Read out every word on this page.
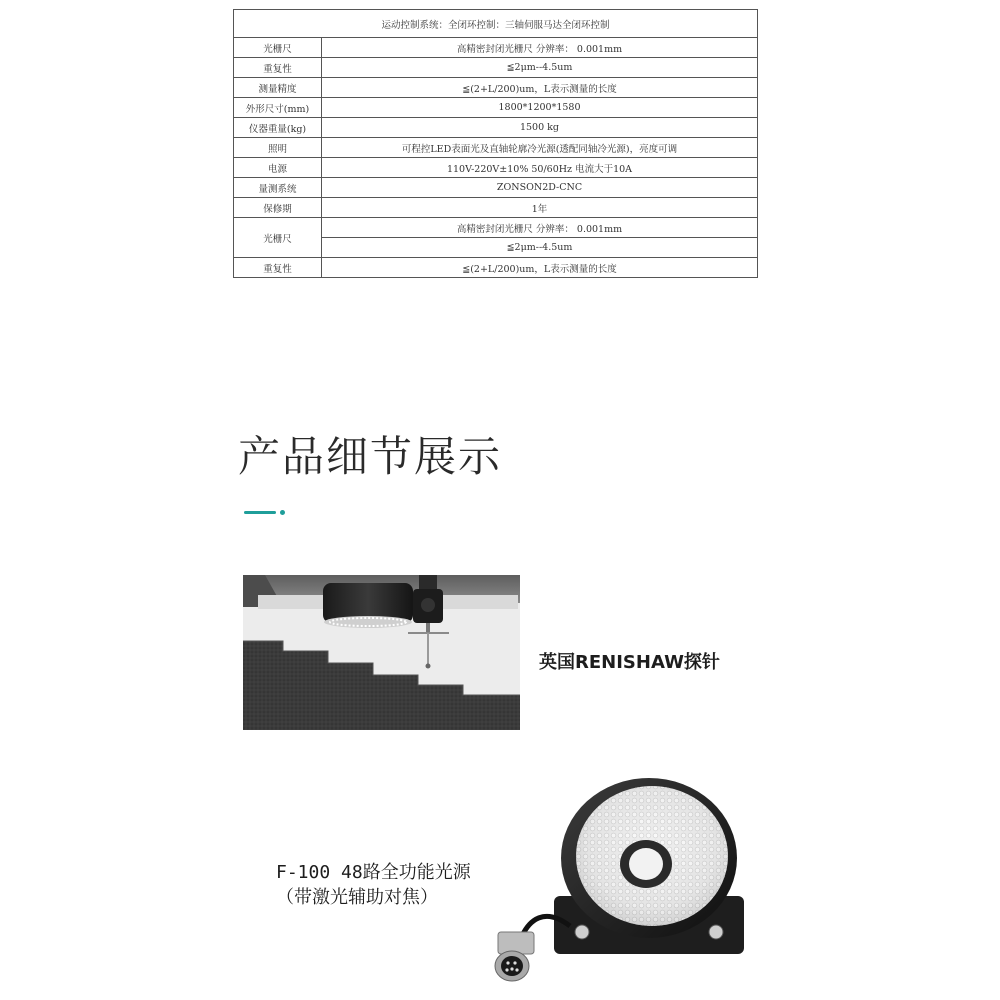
运动控制系统：全闭环控制：三轴伺服马达全闭环控制	
光栅尺	高精密封闭光栅尺 分辨率： 0.001mm
重复性	≦2μm--4.5um
测量精度	≦(2+L/200)um，L表示测量的长度
外形尺寸(mm)	1800*1200*1580
仪器重量(kg)	1500 kg
照明	可程控LED表面光及直轴轮廓冷光源(透配同轴冷光源)，亮度可调
电源	110V-220V±10% 50/60Hz 电流大于10A
量测系统	ZONSON2D-CNC
保修期	1年
光栅尺	高精密封闭光栅尺 分辨率： 0.001mm
	≦2μm--4.5um
重复性	≦(2+L/200)um，L表示测量的长度
产品细节展示
英国RENISHAW探针
F-100 48路全功能光源
（带激光辅助对焦）
